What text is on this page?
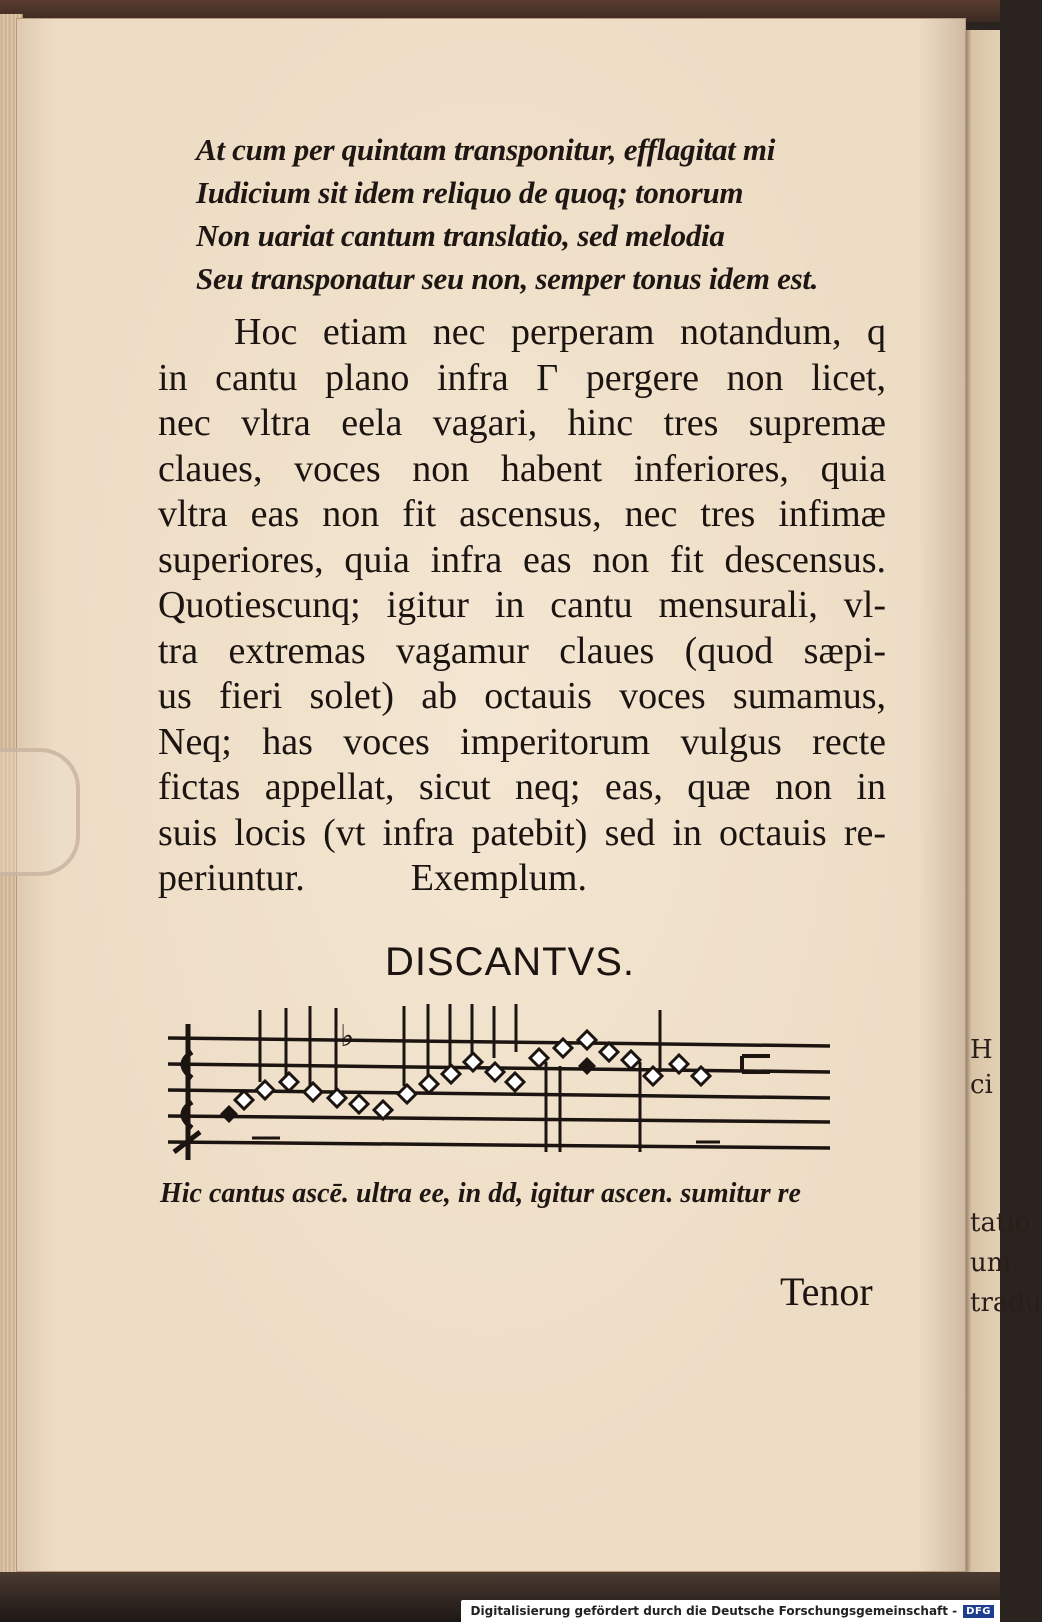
H
ci
tatio
um.
tradu
At cum per quintam transponitur, efflagitat mi
Iudicium sit idem reliquo de quoq; tonorum
Non uariat cantum translatio, sed melodia
Seu transponatur seu non, semper tonus idem est.
Hoc etiam nec perperam notandum, q
in cantu plano infra Γ pergere non licet,
nec vltra eela vagari, hinc tres supremæ
claues, voces non habent inferiores, quia
vltra eas non fit ascensus, nec tres infimæ
superiores, quia infra eas non fit descensus.
Quotiescunq; igitur in cantu mensurali, vl-
tra extremas vagamur claues (quod sæpi-
us fieri solet) ab octauis voces sumamus,
Neq; has voces imperitorum vulgus recte
fictas appellat, sicut neq; eas, quæ non in
suis locis (vt infra patebit) sed in octauis re-
periuntur.	Exemplum.
DISCANTVS.
♭
Hic cantus ascē. ultra ee, in dd, igitur ascen. sumitur re
Tenor
Digitalisierung gefördert durch die Deutsche Forschungsgemeinschaft - DFG
